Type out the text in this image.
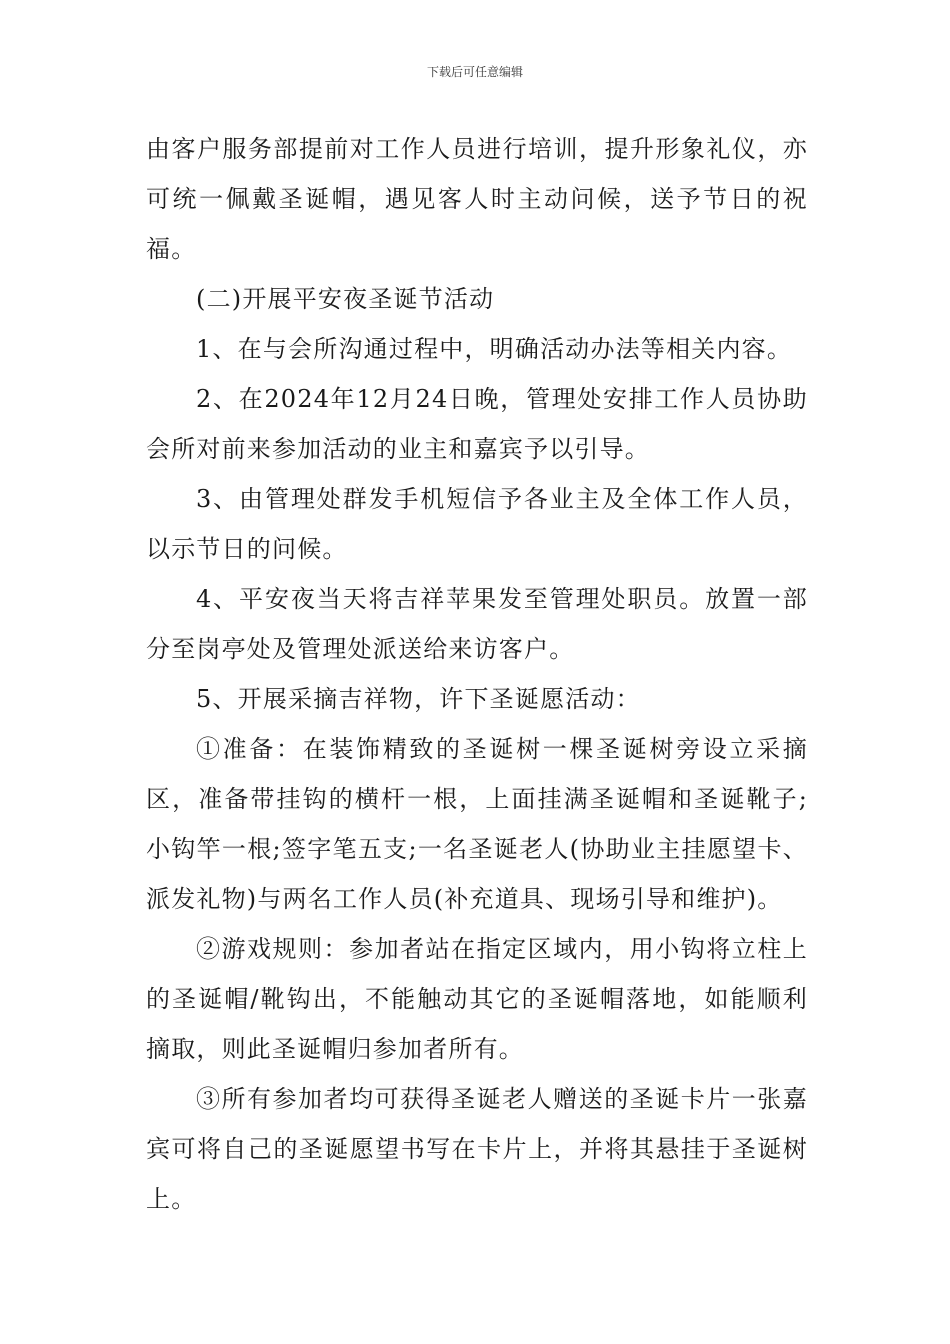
下载后可任意编辑

由客户服务部提前对工作人员进行培训，提升形象礼仪，亦可统一佩戴圣诞帽，遇见客人时主动问候，送予节日的祝福。

(二)开展平安夜圣诞节活动

1、在与会所沟通过程中，明确活动办法等相关内容。

2、在2024年12月24日晚，管理处安排工作人员协助会所对前来参加活动的业主和嘉宾予以引导。

3、由管理处群发手机短信予各业主及全体工作人员，以示节日的问候。

4、平安夜当天将吉祥苹果发至管理处职员。放置一部分至岗亭处及管理处派送给来访客户。

5、开展采摘吉祥物，许下圣诞愿活动：

①准备：在装饰精致的圣诞树一棵圣诞树旁设立采摘区，准备带挂钩的横杆一根，上面挂满圣诞帽和圣诞靴子;小钩竿一根;签字笔五支;一名圣诞老人(协助业主挂愿望卡、派发礼物)与两名工作人员(补充道具、现场引导和维护)。

②游戏规则：参加者站在指定区域内，用小钩将立柱上的圣诞帽/靴钩出，不能触动其它的圣诞帽落地，如能顺利摘取，则此圣诞帽归参加者所有。

③所有参加者均可获得圣诞老人赠送的圣诞卡片一张嘉宾可将自己的圣诞愿望书写在卡片上，并将其悬挂于圣诞树上。
